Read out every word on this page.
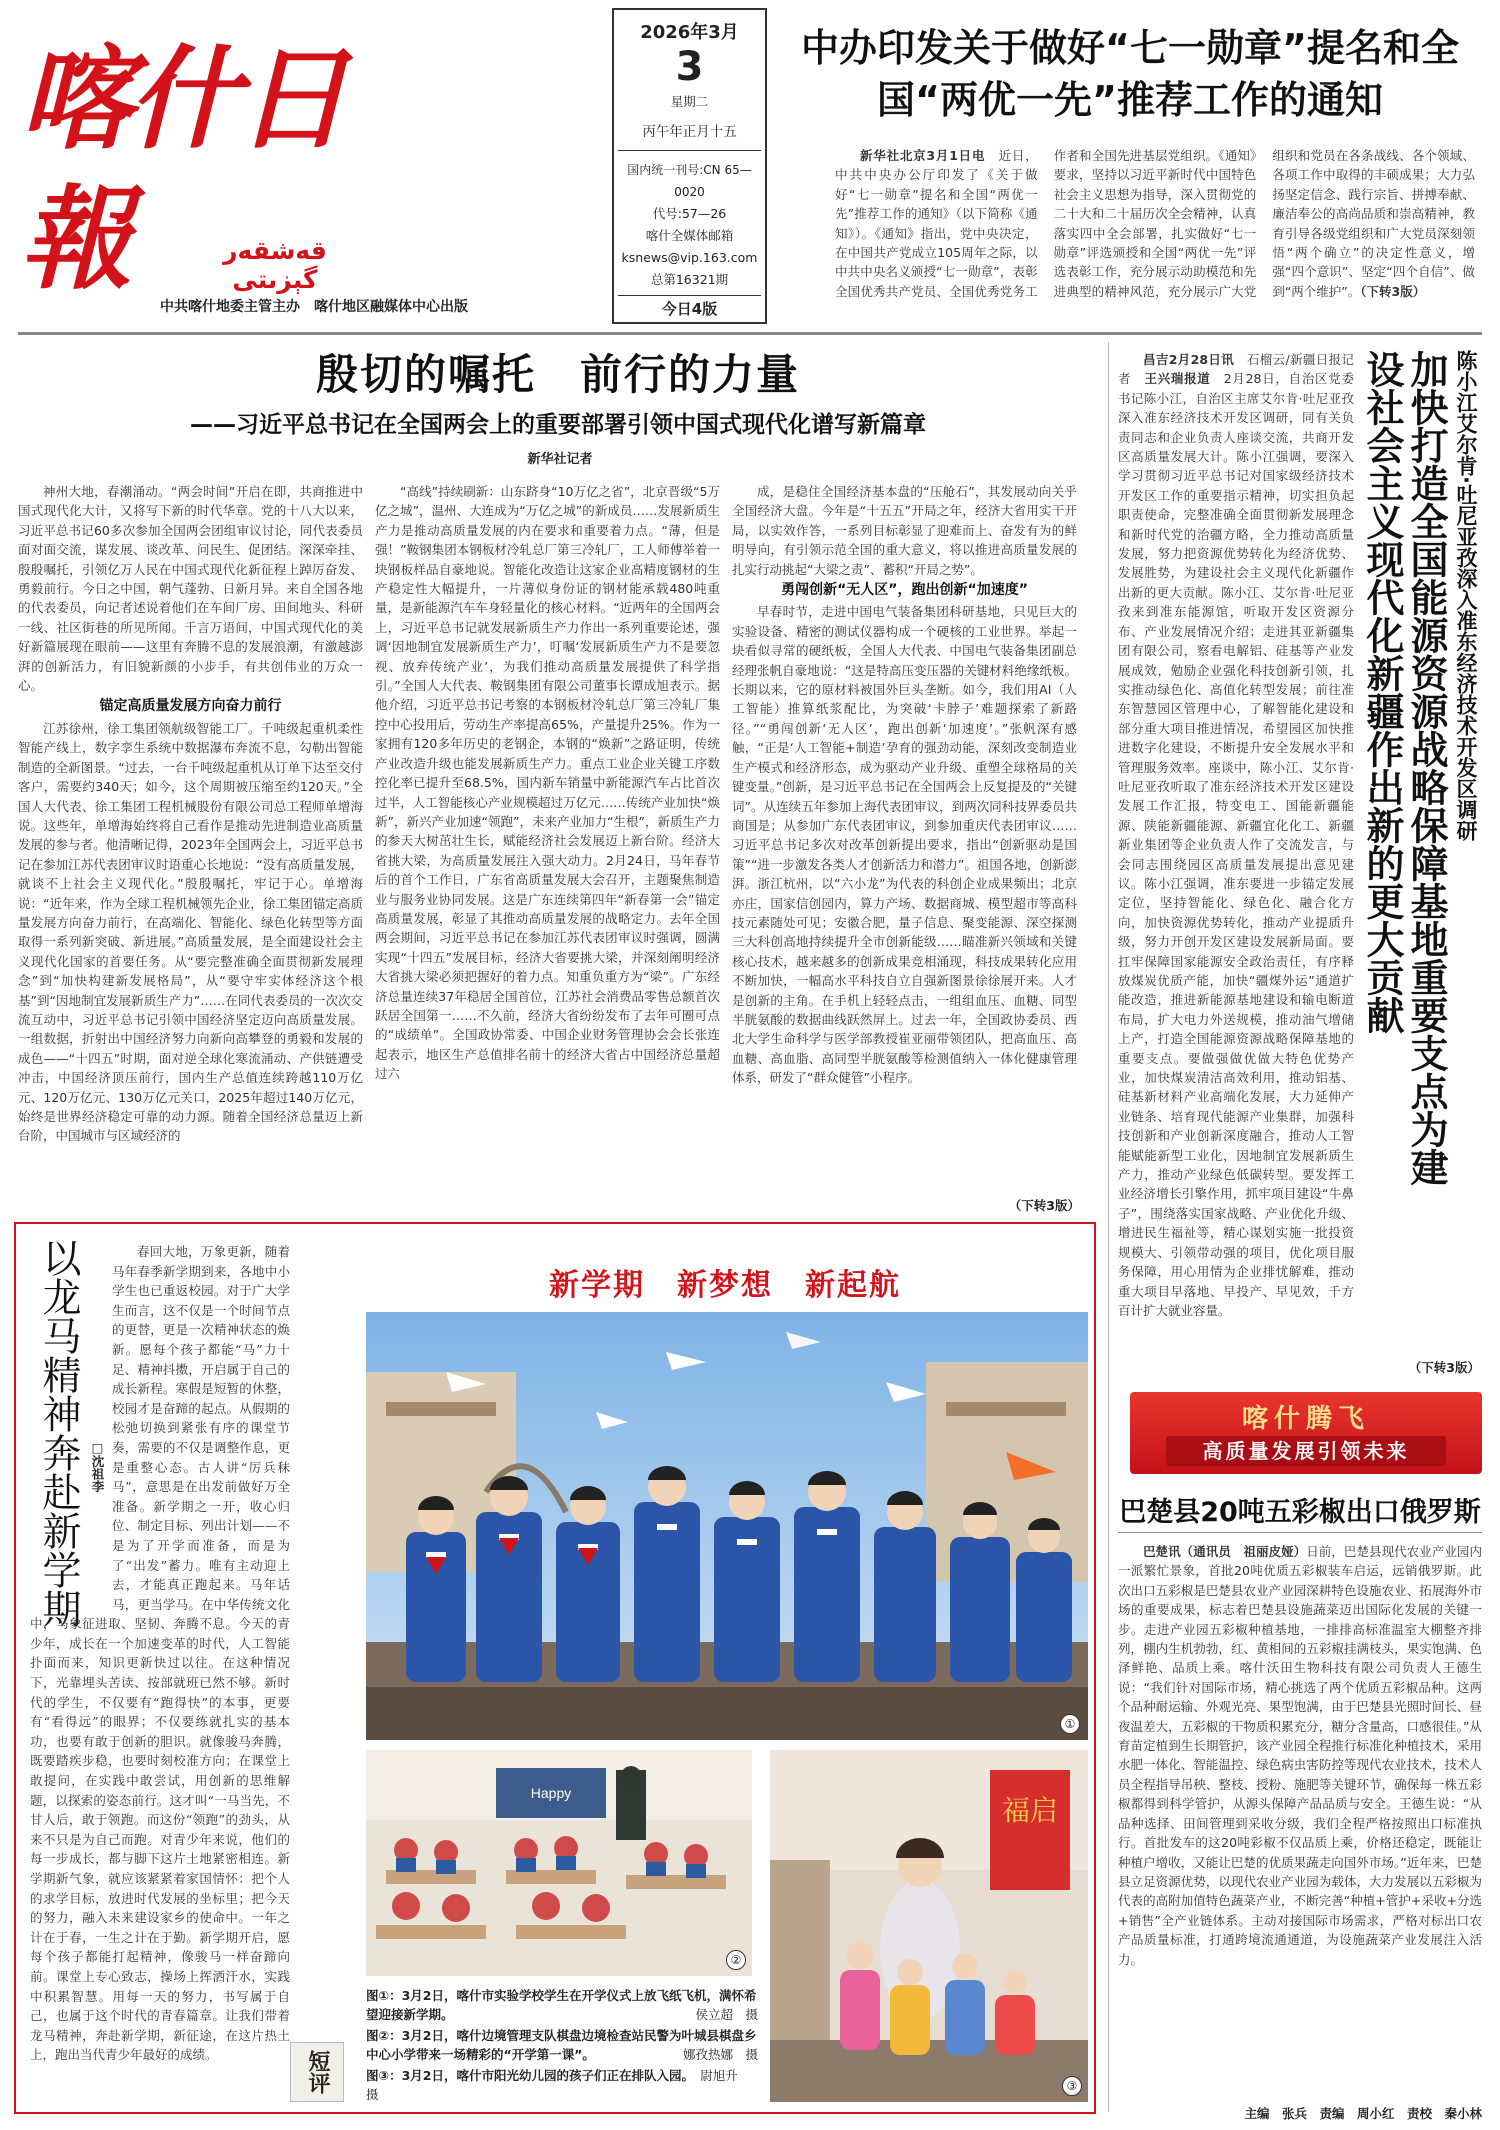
喀什日報	قەشقەر گېزىتى
中共喀什地委主管主办　喀什地区融媒体中心出版
2026年3月
3
星期二
丙午年正月十五
国内统一刊号:CN 65—0020
代号:57—26
喀什全媒体邮箱
ksnews@vip.163.com
总第16321期
今日4版
中办印发关于做好“七一勋章”提名和全国“两优一先”推荐工作的通知

新华社北京3月1日电　 近日，中共中央办公厅印发了《关于做好“七一勋章”提名和全国“两优一先”推荐工作的通知》（以下简称《通知》）。《通知》指出，党中央决定，在中国共产党成立105周年之际，以中共中央名义颁授“七一勋章”，表彰全国优秀共产党员、全国优秀党务工作者和全国先进基层党组织。《通知》要求，坚持以习近平新时代中国特色社会主义思想为指导，深入贯彻党的二十大和二十届历次全会精神，认真落实四中全会部署，扎实做好“七一勋章”评选颁授和全国“两优一先”评选表彰工作，充分展示动助模范和先进典型的精神风范，充分展示广大党组织和党员在各条战线、各个领域、各项工作中取得的丰硕成果；大力弘扬坚定信念、践行宗旨、拼搏奉献、廉洁奉公的高尚品质和崇高精神，教育引导各级党组织和广大党员深刻领悟“两个确立”的决定性意义，增强“四个意识”、坚定“四个自信”、做到“两个维护”。（下转3版）

殷切的嘱托　前行的力量
——习近平总书记在全国两会上的重要部署引领中国式现代化谱写新篇章
新华社记者

神州大地，春潮涌动。“两会时间”开启在即，共商推进中国式现代化大计，又将写下新的时代华章。党的十八大以来，习近平总书记60多次参加全国两会团组审议讨论，同代表委员面对面交流，谋发展、谈改革、问民生、促团结。深深牵挂、殷殷嘱托，引领亿万人民在中国式现代化新征程上踔厉奋发、勇毅前行。今日之中国，朝气蓬勃、日新月异。来自全国各地的代表委员，向记者述说着他们在车间厂房、田间地头、科研一线、社区街巷的所见所闻。千言万语间，中国式现代化的美好新篇展现在眼前——这里有奔腾不息的发展浪潮，有激越澎湃的创新活力，有旧貌新颜的小步手，有共创伟业的万众一心。

锚定高质量发展方向奋力前行

江苏徐州，徐工集团领航级智能工厂。千吨级起重机柔性智能产线上，数字孪生系统中数据瀑布奔流不息，勾勒出智能制造的全新图景。“过去，一台千吨级起重机从订单下达至交付客户，需要约340天；如今，这个周期被压缩至约120天。”全国人大代表、徐工集团工程机械股份有限公司总工程师单增海说。这些年，单增海始终将自己看作是推动先进制造业高质量发展的参与者。他清晰记得，2023年全国两会上，习近平总书记在参加江苏代表团审议时语重心长地说：“没有高质量发展，就谈不上社会主义现代化。”殷殷嘱托，牢记于心。单增海说：“近年来，作为全球工程机械领先企业，徐工集团锚定高质量发展方向奋力前行，在高端化、智能化、绿色化转型等方面取得一系列新突破、新进展。”高质量发展，是全面建设社会主义现代化国家的首要任务。从“要完整准确全面贯彻新发展理念”到“加快构建新发展格局”，从“要守牢实体经济这个根基”到“因地制宜发展新质生产力”……在同代表委员的一次次交流互动中，习近平总书记引领中国经济坚定迈向高质量发展。一组数据，折射出中国经济努力向新向高攀登的勇毅和发展的成色——“十四五”时期，面对逆全球化寒流涌动、产供链遭受冲击，中国经济顶压前行，国内生产总值连续跨越110万亿元、120万亿元、130万亿元关口，2025年超过140万亿元，始终是世界经济稳定可靠的动力源。随着全国经济总量迈上新台阶，中国城市与区域经济的

“高线”持续刷新：山东跻身“10万亿之省”，北京晋级“5万亿之城”，温州、大连成为“万亿之城”的新成员……发展新质生产力是推动高质量发展的内在要求和重要着力点。“薄，但是强！”鞍钢集团本钢板材冷轧总厂第三冷轧厂，工人师傅举着一块钢板样品自豪地说。智能化改造让这家企业高精度钢材的生产稳定性大幅提升，一片薄似身份证的钢材能承载480吨重量，是新能源汽车车身轻量化的核心材料。“近两年的全国两会上，习近平总书记就发展新质生产力作出一系列重要论述，强调‘因地制宜发展新质生产力’，叮嘱‘发展新质生产力不是要忽视、放弃传统产业’，为我们推动高质量发展提供了科学指引。”全国人大代表、鞍钢集团有限公司董事长谭成旭表示。据他介绍，习近平总书记考察的本钢板材冷轧总厂第三冷轧厂集控中心投用后，劳动生产率提高65%，产量提升25%。作为一家拥有120多年历史的老钢企，本钢的“焕新”之路证明，传统产业改造升级也能发展新质生产力。重点工业企业关键工序数控化率已提升至68.5%，国内新车销量中新能源汽车占比首次过半，人工智能核心产业规模超过万亿元……传统产业加快“焕新”，新兴产业加速“领跑”，未来产业加力“生根”，新质生产力的参天大树茁壮生长，赋能经济社会发展迈上新台阶。经济大省挑大梁，为高质量发展注入强大动力。2月24日，马年春节后的首个工作日，广东省高质量发展大会召开，主题聚焦制造业与服务业协同发展。这是广东连续第四年“新春第一会”锚定高质量发展，彰显了其推动高质量发展的战略定力。去年全国两会期间，习近平总书记在参加江苏代表团审议时强调，圆满实现“十四五”发展目标，经济大省要挑大梁，并深刻阐明经济大省挑大梁必须把握好的着力点。知重负重方为“梁”。广东经济总量连续37年稳居全国首位，江苏社会消费品零售总额首次跃居全国第一……不久前，经济大省纷纷发布了去年可圈可点的“成绩单”。全国政协常委、中国企业财务管理协会会长张连起表示，地区生产总值排名前十的经济大省占中国经济总量超过六

成，是稳住全国经济基本盘的“压舱石”，其发展动向关乎全国经济大盘。今年是“十五五”开局之年，经济大省用实干开局，以实效作答，一系列目标彰显了迎难而上、奋发有为的鲜明导向，有引领示范全国的重大意义，将以推进高质量发展的扎实行动挑起“大梁之责”、蓄积“开局之势”。

勇闯创新“无人区”，跑出创新“加速度”

早春时节，走进中国电气装备集团科研基地，只见巨大的实验设备、精密的测试仪器构成一个硬核的工业世界。举起一块看似寻常的硬纸板，全国人大代表、中国电气装备集团副总经理张帆自豪地说：“这是特高压变压器的关键材料绝缘纸板。长期以来，它的原材料被国外巨头垄断。如今，我们用AI（人工智能）推算纸浆配比，为突破‘卡脖子’难题探索了新路径。”“勇闯创新‘无人区’，跑出创新‘加速度’。”张帆深有感触，“正是‘人工智能+制造’孕育的强劲动能，深刻改变制造业生产模式和经济形态，成为驱动产业升级、重塑全球格局的关键变量。”创新，是习近平总书记在全国两会上反复提及的“关键词”。从连续五年参加上海代表团审议，到两次同科技界委员共商国是；从参加广东代表团审议，到参加重庆代表团审议……习近平总书记多次对改革创新提出要求，指出“创新驱动是国策”“进一步激发各类人才创新活力和潜力”。祖国各地，创新澎湃。浙江杭州，以“六小龙”为代表的科创企业成果频出；北京亦庄，国家信创园内，算力产场、数据商城、模型超市等高科技元素随处可见；安徽合肥，量子信息、聚变能源、深空探测三大科创高地持续提升全市创新能级……瞄准新兴领域和关键核心技术，越来越多的创新成果竞相涌现，科技成果转化应用不断加快，一幅高水平科技自立自强新图景徐徐展开来。人才是创新的主角。在手机上轻轻点击，一组组血压、血糖、同型半胱氨酸的数据曲线跃然屏上。过去一年，全国政协委员、西北大学生命科学与医学部教授崔亚丽带领团队，把高血压、高血糖、高血脂、高同型半胱氨酸等检测值纳入一体化健康管理体系，研发了“群众健管”小程序。

（下转3版）
陈小江艾尔肯·吐尼亚孜深入准东经济技术开发区调研
加快打造全国能源资源战略保障基地重要支点为建设社会主义现代化新疆作出新的更大贡献

昌吉2月28日讯　 石榴云/新疆日报记者　 王兴瑞报道　 2月28日，自治区党委书记陈小江，自治区主席艾尔肯·吐尼亚孜深入准东经济技术开发区调研，同有关负责同志和企业负责人座谈交流，共商开发区高质量发展大计。陈小江强调，要深入学习贯彻习近平总书记对国家级经济技术开发区工作的重要指示精神，切实担负起职责使命，完整准确全面贯彻新发展理念和新时代党的治疆方略，全力推动高质量发展，努力把资源优势转化为经济优势、发展胜势，为建设社会主义现代化新疆作出新的更大贡献。陈小江、艾尔肯·吐尼亚孜来到准东能源馆，听取开发区资源分布、产业发展情况介绍；走进其亚新疆集团有限公司，察看电解铝、硅基等产业发展成效，勉励企业强化科技创新引领，扎实推动绿色化、高值化转型发展；前往准东智慧园区管理中心，了解智能化建设和部分重大项目推进情况，希望园区加快推进数字化建设，不断提升安全发展水平和管理服务效率。座谈中，陈小江、艾尔肯·吐尼亚孜听取了准东经济技术开发区建设发展工作汇报，特变电工、国能新疆能源、陕能新疆能源、新疆宜化化工、新疆新业集团等企业负责人作了交流发言，与会同志围绕园区高质量发展提出意见建议。陈小江强调，准东要进一步锚定发展定位，坚持智能化、绿色化、融合化方向，加快资源优势转化，推动产业提质升级，努力开创开发区建设发展新局面。要扛牢保障国家能源安全政治责任，有序释放煤炭优质产能，加快“疆煤外运”通道扩能改造，推进新能源基地建设和输电断道布局，扩大电力外送规模，推动油气增储上产，打造全国能源资源战略保障基地的重要支点。要做强做优做大特色优势产业，加快煤炭清洁高效利用，推动铝基、硅基新材料产业高端化发展，大力延伸产业链条、培育现代能源产业集群，加强科技创新和产业创新深度融合，推动人工智能赋能新型工业化，因地制宜发展新质生产力，推动产业绿色低碳转型。要发挥工业经济增长引擎作用，抓牢项目建设“牛鼻子”，围绕落实国家战略、产业优化升级、增进民生福祉等，精心谋划实施一批投资规模大、引领带动强的项目，优化项目服务保障，用心用情为企业排忧解难，推动重大项目早落地、早投产、早见效，千方百计扩大就业容量。

（下转3版）
喀什腾飞
高质量发展引领未来
巴楚县20吨五彩椒出口俄罗斯

巴楚讯（通讯员　祖丽皮娅）日前，巴楚县现代农业产业园内一派繁忙景象，首批20吨优质五彩椒装车启运，远销俄罗斯。此次出口五彩椒是巴楚县农业产业园深耕特色设施农业、拓展海外市场的重要成果，标志着巴楚县设施蔬菜迈出国际化发展的关键一步。走进产业园五彩椒种植基地，一排排高标准温室大棚整齐排列，棚内生机勃勃，红、黄相间的五彩椒挂满枝头，果实饱满、色泽鲜艳、品质上乘。喀什沃田生物科技有限公司负责人王德生说：“我们针对国际市场，精心挑选了两个优质五彩椒品种。这两个品种耐运输、外观光亮、果型饱满，由于巴楚县光照时间长、昼夜温差大，五彩椒的干物质积累充分，糖分含量高，口感很佳。”从育苗定植到生长期管护，该产业园全程推行标准化种植技术，采用水肥一体化、智能温控、绿色病虫害防控等现代农业技术，技术人员全程指导吊秧、整枝、授粉、施肥等关键环节，确保每一株五彩椒都得到科学管护，从源头保障产品品质与安全。王德生说：“从品种选择、田间管理到采收分级，我们全程严格按照出口标准执行。首批发车的这20吨彩椒不仅品质上乘，价格还稳定，既能让种植户增收，又能让巴楚的优质果蔬走向国外市场。”近年来，巴楚县立足资源优势，以现代农业产业园为载体，大力发展以五彩椒为代表的高附加值特色蔬菜产业，不断完善“种植+管护+采收+分选+销售”全产业链体系。主动对接国际市场需求，严格对标出口农产品质量标准，打通跨境流通通道，为设施蔬菜产业发展注入活力。

以龙马精神奔赴新学期 □沈祖李

春回大地，万象更新，随着马年春季新学期到来，各地中小学生也已重返校园。对于广大学生而言，这不仅是一个时间节点的更替，更是一次精神状态的焕新。愿每个孩子都能“马”力十足、精神抖擞，开启属于自己的成长新程。寒假是短暂的休整，校园才是奋蹄的起点。从假期的松弛切换到紧张有序的课堂节奏，需要的不仅是调整作息，更是重整心态。古人讲“厉兵秣马”，意思是在出发前做好万全准备。新学期之一开，收心归位、制定目标、列出计划——不是为了开学而准备，而是为了“出发”蓄力。唯有主动迎上去，才能真正跑起来。马年话马，更当学马。在中华传统文化中，马象征进取、坚韧、奔腾不息。今天的青少年，成长在一个加速变革的时代，人工智能扑面而来，知识更新快过以往。在这种情况下，光靠埋头苦读、按部就班已然不够。新时代的学生，不仅要有“跑得快”的本事，更要有“看得远”的眼界；不仅要练就扎实的基本功，也要有敢于创新的胆识。就像骏马奔腾，既要踏疾步稳，也要时刻校准方向；在课堂上敢提问，在实践中敢尝试，用创新的思维解题，以探索的姿态前行。这才叫“一马当先，不甘人后，敢于领跑。而这份“领跑”的劲头，从来不只是为自己而跑。对青少年来说，他们的每一步成长，都与脚下这片土地紧密相连。新学期新气象，就应该紧紧着家国情怀：把个人的求学目标，放进时代发展的坐标里；把今天的努力，融入未来建设家乡的使命中。一年之计在于春，一生之计在于勤。新学期开启，愿每个孩子都能打起精神，像骏马一样奋蹄向前。课堂上专心致志，操场上挥洒汗水，实践中积累智慧。用每一天的努力，书写属于自己，也属于这个时代的青春篇章。让我们带着龙马精神，奔赴新学期，新征途，在这片热土上，跑出当代青少年最好的成绩。	短评
新学期　新梦想　新起航
①
Happy
②
福启
③
图①：3月2日，喀什市实验学校学生在开学仪式上放飞纸飞机，满怀希望迎接新学期。　	侯立超　摄
图②：3月2日，喀什边境管理支队棋盘边境检查站民警为叶城县棋盘乡中心小学带来一场精彩的“开学第一课”。　	娜孜热娜　摄
图③：3月2日，喀什市阳光幼儿园的孩子们正在排队入园。　 尉旭升　摄
主编　张兵　责编　周小红　责校　秦小林
